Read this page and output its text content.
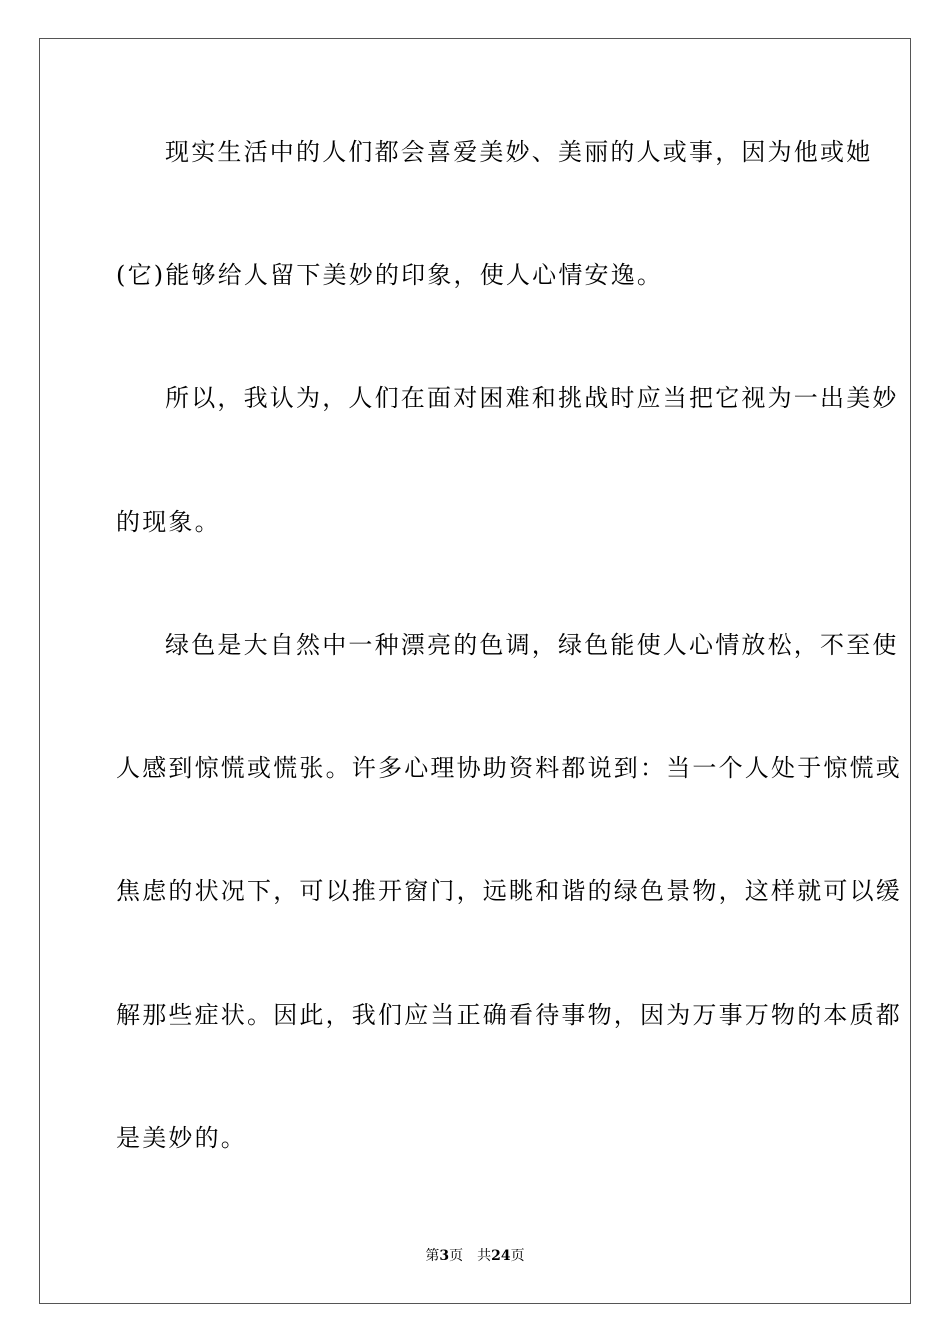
现实生活中的人们都会喜爱美妙、美丽的人或事，因为他或她
(它)能够给人留下美妙的印象，使人心情安逸。
所以，我认为，人们在面对困难和挑战时应当把它视为一出美妙
的现象。
绿色是大自然中一种漂亮的色调，绿色能使人心情放松，不至使
人感到惊慌或慌张。许多心理协助资料都说到：当一个人处于惊慌或
焦虑的状况下，可以推开窗门，远眺和谐的绿色景物，这样就可以缓
解那些症状。因此，我们应当正确看待事物，因为万事万物的本质都
是美妙的。
第3页 共24页
